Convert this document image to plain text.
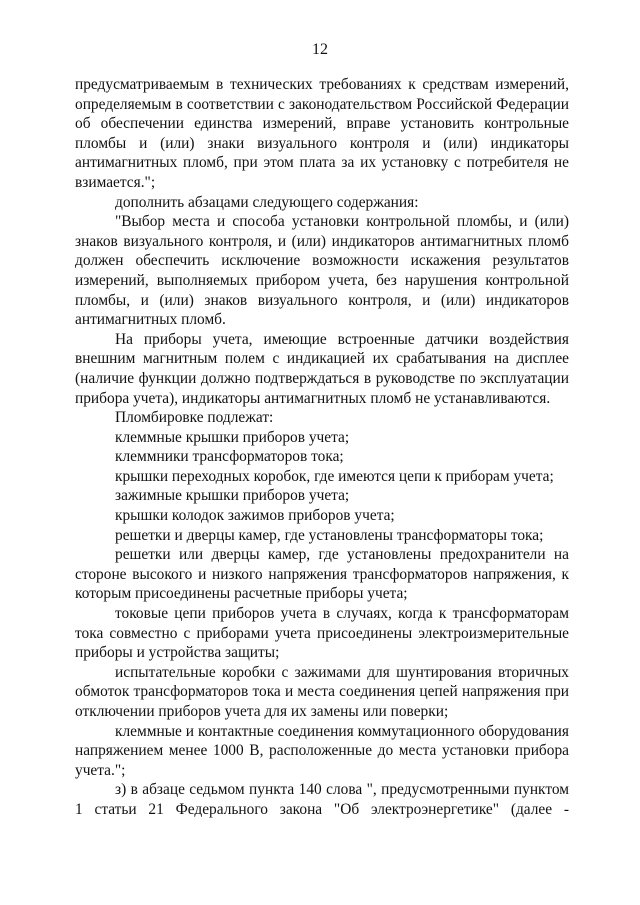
12

предусматриваемым в технических требованиях к средствам измерений, определяемым в соответствии с законодательством Российской Федерации об обеспечении единства измерений, вправе установить контрольные пломбы и (или) знаки визуального контроля и (или) индикаторы антимагнитных пломб, при этом плата за их установку с потребителя не взимается.";

дополнить абзацами следующего содержания:

"Выбор места и способа установки контрольной пломбы, и (или) знаков визуального контроля, и (или) индикаторов антимагнитных пломб должен обеспечить исключение возможности искажения результатов измерений, выполняемых прибором учета, без нарушения контрольной пломбы, и (или) знаков визуального контроля, и (или) индикаторов антимагнитных пломб.

На приборы учета, имеющие встроенные датчики воздействия внешним магнитным полем с индикацией их срабатывания на дисплее (наличие функции должно подтверждаться в руководстве по эксплуатации прибора учета), индикаторы антимагнитных пломб не устанавливаются.

Пломбировке подлежат:

клеммные крышки приборов учета;

клеммники трансформаторов тока;

крышки переходных коробок, где имеются цепи к приборам учета;

зажимные крышки приборов учета;

крышки колодок зажимов приборов учета;

решетки и дверцы камер, где установлены трансформаторы тока;

решетки или дверцы камер, где установлены предохранители на стороне высокого и низкого напряжения трансформаторов напряжения, к которым присоединены расчетные приборы учета;

токовые цепи приборов учета в случаях, когда к трансформаторам тока совместно с приборами учета присоединены электроизмерительные приборы и устройства защиты;

испытательные коробки с зажимами для шунтирования вторичных обмоток трансформаторов тока и места соединения цепей напряжения при отключении приборов учета для их замены или поверки;

клеммные и контактные соединения коммутационного оборудования напряжением менее 1000 В, расположенные до места установки прибора учета.";

з) в абзаце седьмом пункта 140 слова ", предусмотренными пунктом 1 статьи 21 Федерального закона "Об электроэнергетике" (далее -
